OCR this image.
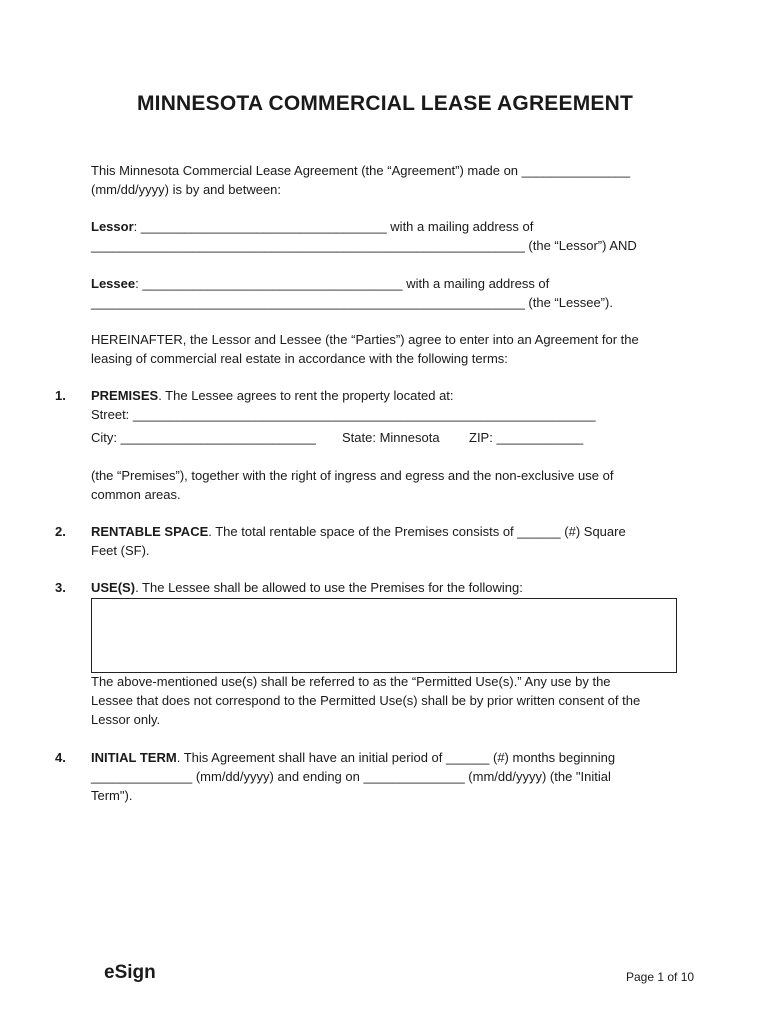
MINNESOTA COMMERCIAL LEASE AGREEMENT
This Minnesota Commercial Lease Agreement (the “Agreement”) made on _______________
(mm/dd/yyyy) is by and between:
Lessor: __________________________________ with a mailing address of
____________________________________________________________ (the “Lessor”) AND
Lessee: ____________________________________ with a mailing address of
____________________________________________________________ (the “Lessee”).
HEREINAFTER, the Lessor and Lessee (the “Parties”) agree to enter into an Agreement for the
leasing of commercial real estate in accordance with the following terms:
1. PREMISES. The Lessee agrees to rent the property located at:
Street: ________________________________________________________________
City: ___________________________ State: Minnesota ZIP: ____________
(the “Premises”), together with the right of ingress and egress and the non-exclusive use of
common areas.
2. RENTABLE SPACE. The total rentable space of the Premises consists of ______ (#) Square
Feet (SF).
3. USE(S). The Lessee shall be allowed to use the Premises for the following:
The above-mentioned use(s) shall be referred to as the “Permitted Use(s).” Any use by the
Lessee that does not correspond to the Permitted Use(s) shall be by prior written consent of the
Lessor only.
4. INITIAL TERM. This Agreement shall have an initial period of ______ (#) months beginning
______________ (mm/dd/yyyy) and ending on ______________ (mm/dd/yyyy) (the "Initial
Term").
eSign	Page 1 of 10
